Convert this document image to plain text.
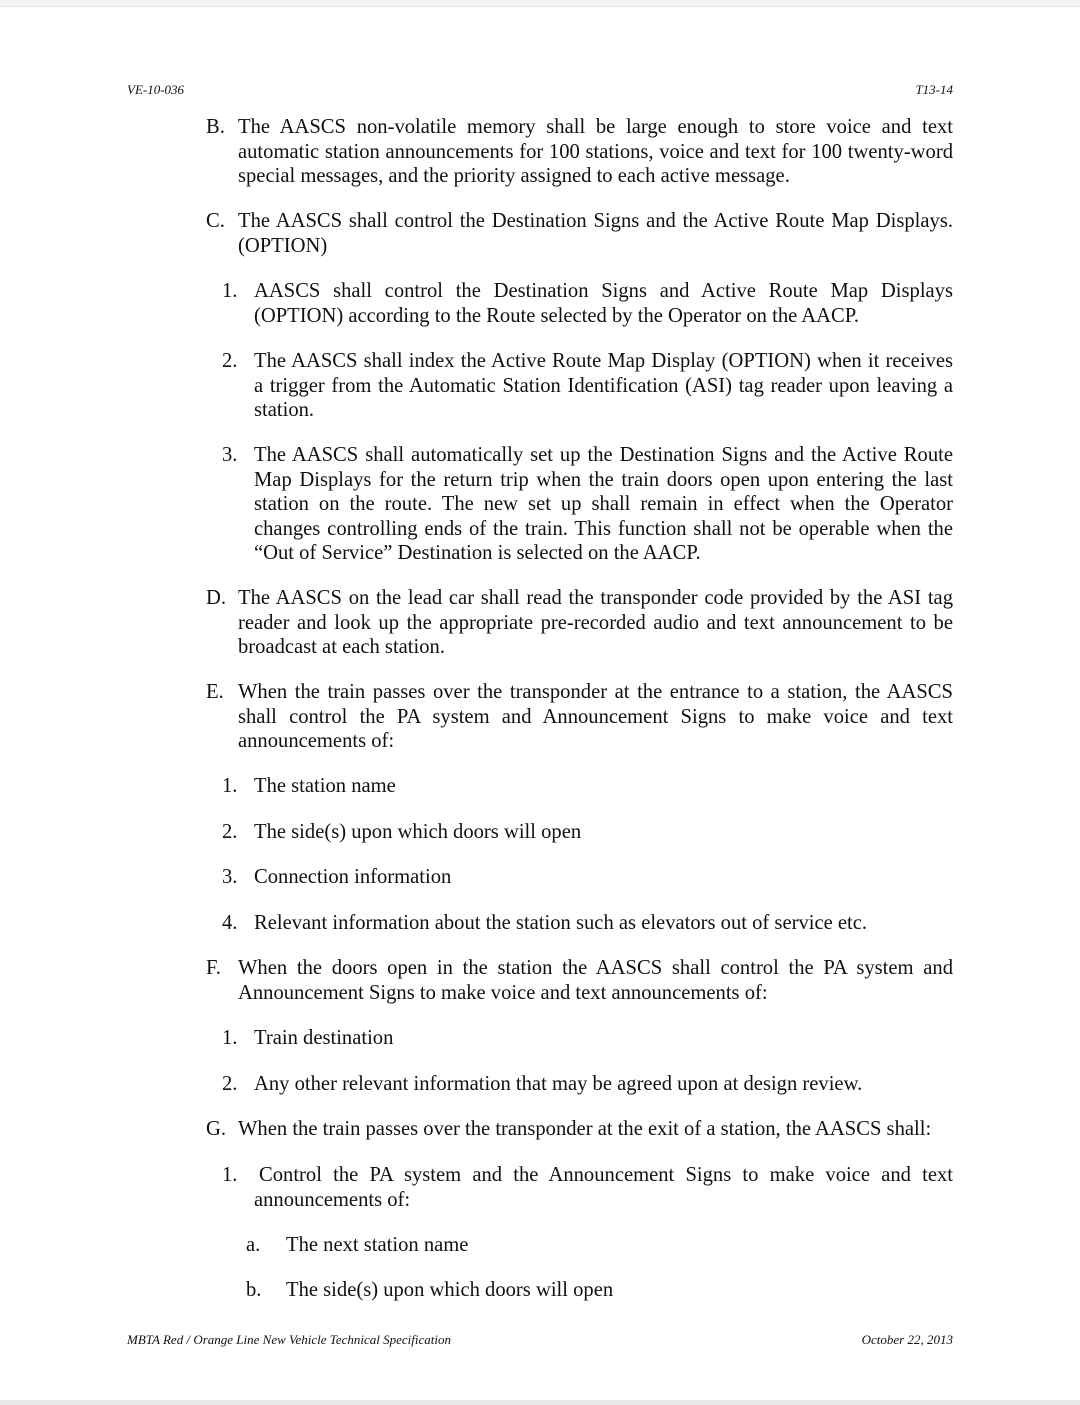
VE-10-036	T13-14
B. The AASCS non-volatile memory shall be large enough to store voice and text automatic station announcements for 100 stations, voice and text for 100 twenty-word special messages, and the priority assigned to each active message.
C. The AASCS shall control the Destination Signs and the Active Route Map Displays. (OPTION)
1. AASCS shall control the Destination Signs and Active Route Map Displays (OPTION) according to the Route selected by the Operator on the AACP.
2. The AASCS shall index the Active Route Map Display (OPTION) when it receives a trigger from the Automatic Station Identification (ASI) tag reader upon leaving a station.
3. The AASCS shall automatically set up the Destination Signs and the Active Route Map Displays for the return trip when the train doors open upon entering the last station on the route. The new set up shall remain in effect when the Operator changes controlling ends of the train. This function shall not be operable when the “Out of Service” Destination is selected on the AACP.
D. The AASCS on the lead car shall read the transponder code provided by the ASI tag reader and look up the appropriate pre-recorded audio and text announcement to be broadcast at each station.
E. When the train passes over the transponder at the entrance to a station, the AASCS shall control the PA system and Announcement Signs to make voice and text announcements of:
1. The station name
2. The side(s) upon which doors will open
3. Connection information
4. Relevant information about the station such as elevators out of service etc.
F. When the doors open in the station the AASCS shall control the PA system and Announcement Signs to make voice and text announcements of:
1. Train destination
2. Any other relevant information that may be agreed upon at design review.
G. When the train passes over the transponder at the exit of a station, the AASCS shall:
1. Control the PA system and the Announcement Signs to make voice and text announcements of:
a. The next station name
b. The side(s) upon which doors will open
MBTA Red / Orange Line New Vehicle Technical Specification	October 22, 2013
